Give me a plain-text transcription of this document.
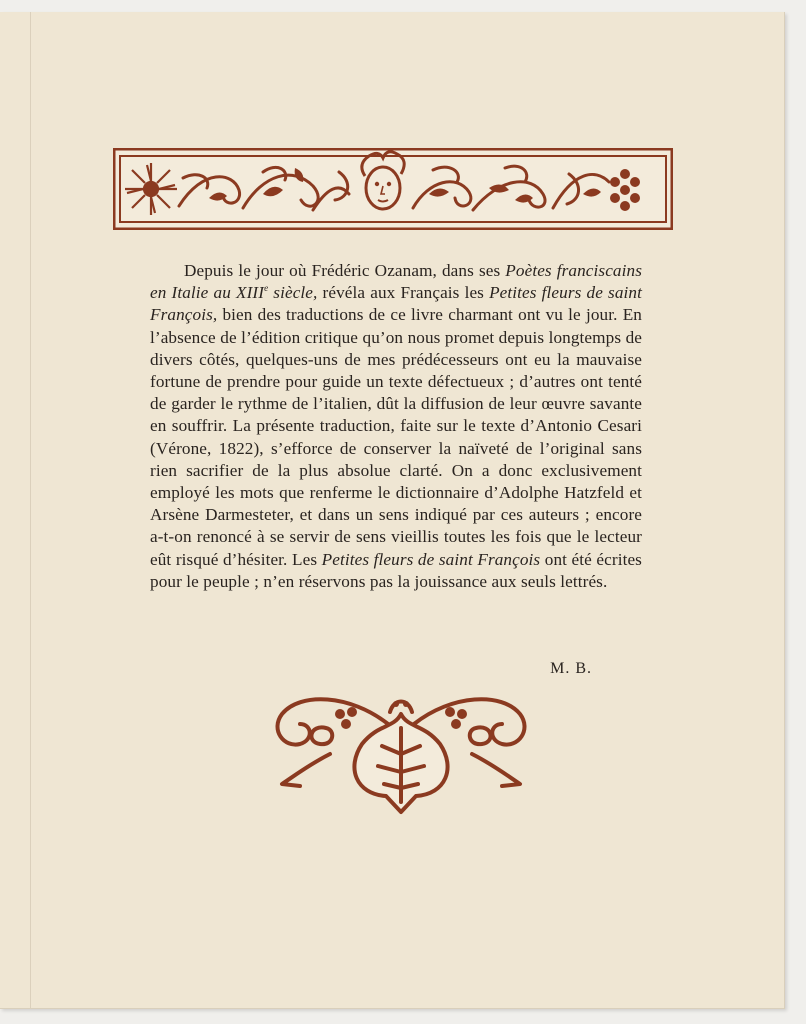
Depuis le jour où Frédéric Ozanam, dans ses Poètes franciscains en Italie au XIIIe siècle, révéla aux Français les Petites fleurs de saint François, bien des traductions de ce livre charmant ont vu le jour. En l’absence de l’édition critique qu’on nous promet depuis longtemps de divers côtés, quelques-uns de mes prédécesseurs ont eu la mauvaise fortune de prendre pour guide un texte défectueux ; d’autres ont tenté de garder le rythme de l’italien, dût la diffusion de leur œuvre savante en souffrir. La présente traduction, faite sur le texte d’Antonio Cesari (Vérone, 1822), s’efforce de conserver la naïveté de l’original sans rien sacrifier de la plus absolue clarté. On a donc exclusivement employé les mots que renferme le dictionnaire d’Adolphe Hatzfeld et Arsène Darmesteter, et dans un sens indiqué par ces auteurs ; encore a-t-on renoncé à se servir de sens vieillis toutes les fois que le lecteur eût risqué d’hésiter. Les Petites fleurs de saint François ont été écrites pour le peuple ; n’en réservons pas la jouissance aux seuls lettrés.

M. B.
